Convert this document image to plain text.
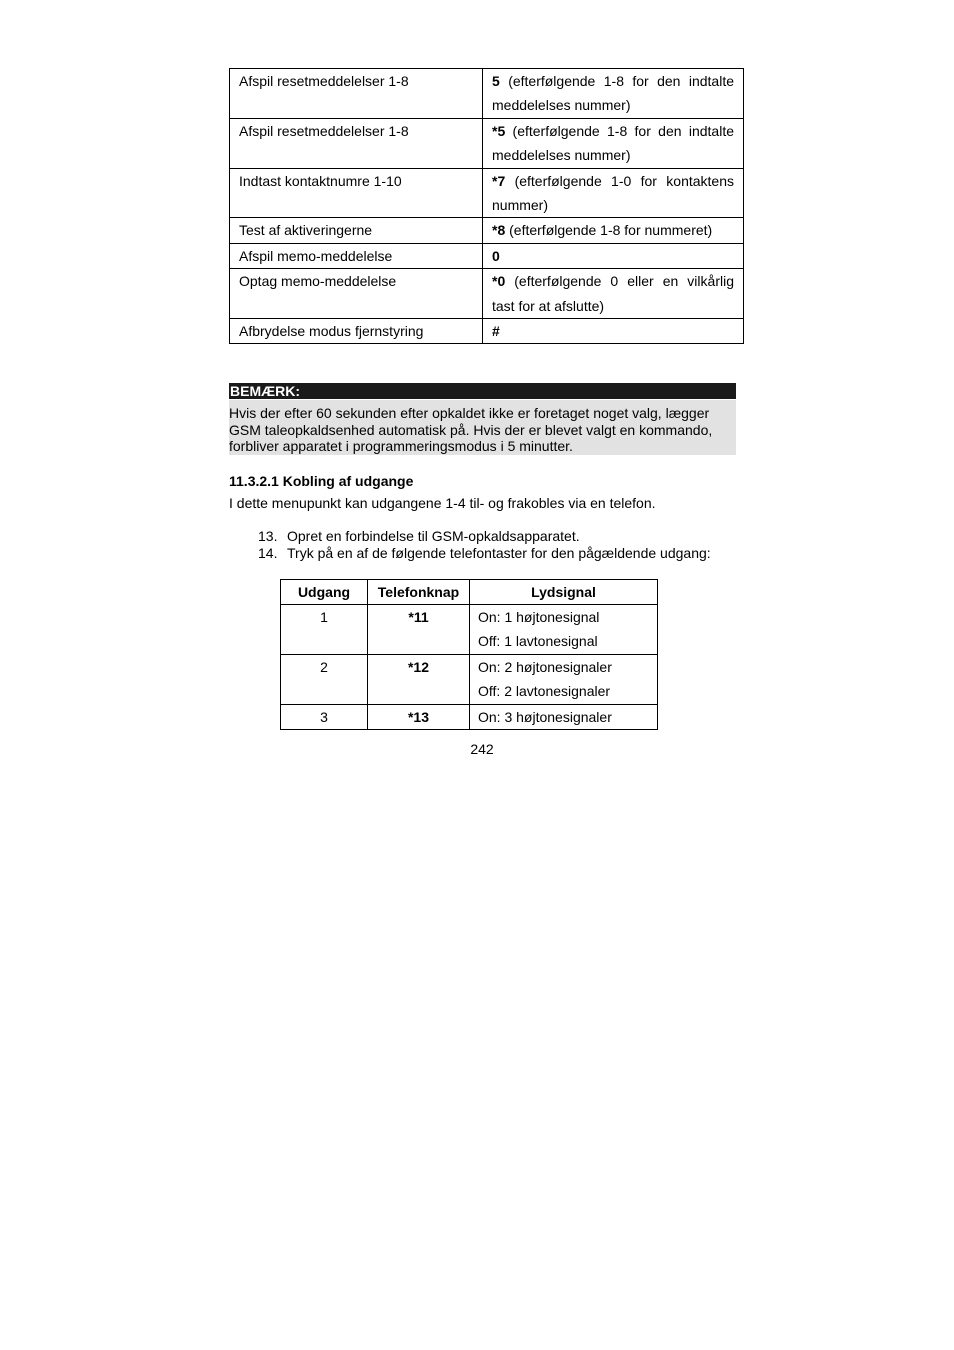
Afspil resetmeddelelser 1-8	5 (efterfølgende 1-8 for den indtalte meddelelses nummer)
Afspil resetmeddelelser 1-8	*5 (efterfølgende 1-8 for den indtalte meddelelses nummer)
Indtast kontaktnumre 1-10	*7 (efterfølgende 1-0 for kontaktens nummer)
Test af aktiveringerne	*8 (efterfølgende 1-8 for nummeret)
Afspil memo-meddelelse	0
Optag memo-meddelelse	*0 (efterfølgende 0 eller en vilkårlig tast for at afslutte)
Afbrydelse modus fjernstyring	#
BEMÆRK:
Hvis der efter 60 sekunden efter opkaldet ikke er foretaget noget valg, lægger GSM taleopkaldsenhed automatisk på. Hvis der er blevet valgt en kommando, forbliver apparatet i programmeringsmodus i 5 minutter.
11.3.2.1 Kobling af udgange
I dette menupunkt kan udgangene 1-4 til- og frakobles via en telefon.
13. Opret en forbindelse til GSM-opkaldsapparatet.
14. Tryk på en af de følgende telefontaster for den pågældende udgang:
Udgang	Telefonknap	Lydsignal
1	*11	On: 1 højtonesignal
Off: 1 lavtonesignal

2	*12	On: 2 højtonesignaler
Off: 2 lavtonesignaler

3	*13	On: 3 højtonesignaler
242
